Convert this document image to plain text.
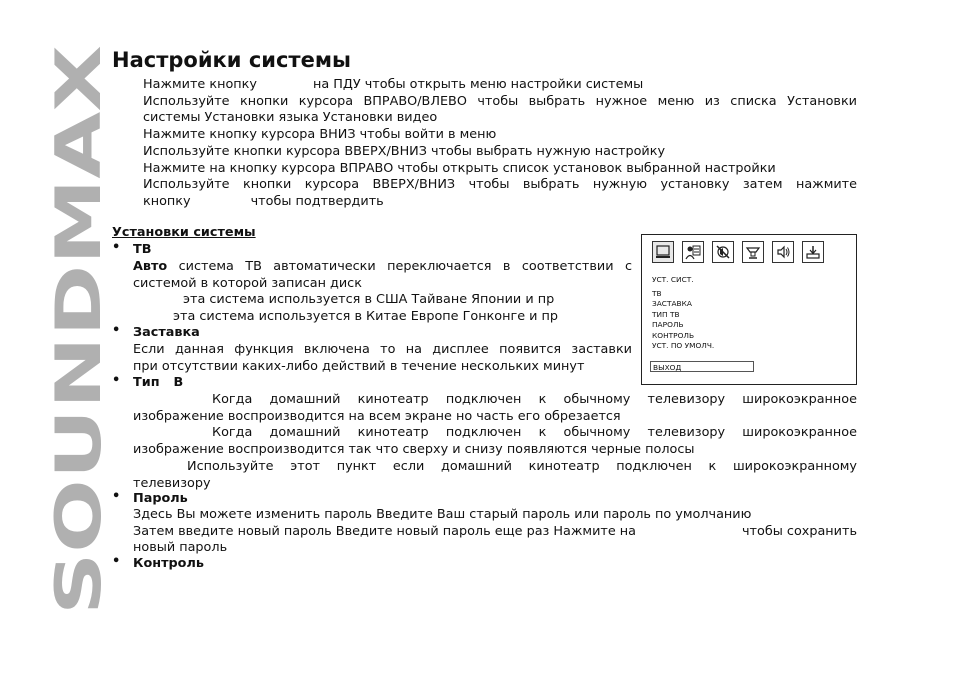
SOUNDMAX
Настройки системы

Нажмите кнопку	на ПДУ чтобы открыть меню настройки системы

Используйте кнопки курсора ВПРАВО/ВЛЕВО чтобы выбрать нужное меню из списка Установки

системы Установки языка Установки видео

Нажмите кнопку курсора ВНИЗ чтобы войти в меню

Используйте кнопки курсора ВВЕРХ/ВНИЗ чтобы выбрать нужную настройку

Нажмите на кнопку курсора ВПРАВО чтобы открыть список установок выбранной настройки

Используйте кнопки курсора ВВЕРХ/ВНИЗ чтобы выбрать нужную установку затем нажмите

кнопку	чтобы подтвердить

Установки системы
• ТВ

Авто система ТВ автоматически переключается в соответствии с

системой в которой записан диск

эта система используется в США Тайване Японии и пр

эта система используется в Китае Европе Гонконге и пр

• Заставка

Если данная функция включена то на дисплее появится заставки

при отсутствии каких-либо действий в течение нескольких минут

• Тип В

Когда домашний кинотеатр подключен к обычному телевизору широкоэкранное

изображение воспроизводится на всем экране но часть его обрезается

Когда домашний кинотеатр подключен к обычному телевизору широкоэкранное

изображение воспроизводится так что сверху и снизу появляются черные полосы

Используйте этот пункт если домашний кинотеатр подключен к широкоэкранному

телевизору

• Пароль

Здесь Вы можете изменить пароль Введите Ваш старый пароль или пароль по умолчанию

Затем введите новый пароль Введите новый пароль еще раз Нажмите на	чтобы сохранить

новый пароль

• Контроль
УСТ. СИСТ.
ТВ
ЗАСТАВКА
ТИП ТВ
ПАРОЛЬ
КОНТРОЛЬ
УСТ. ПО УМОЛЧ.
ВЫХОД
